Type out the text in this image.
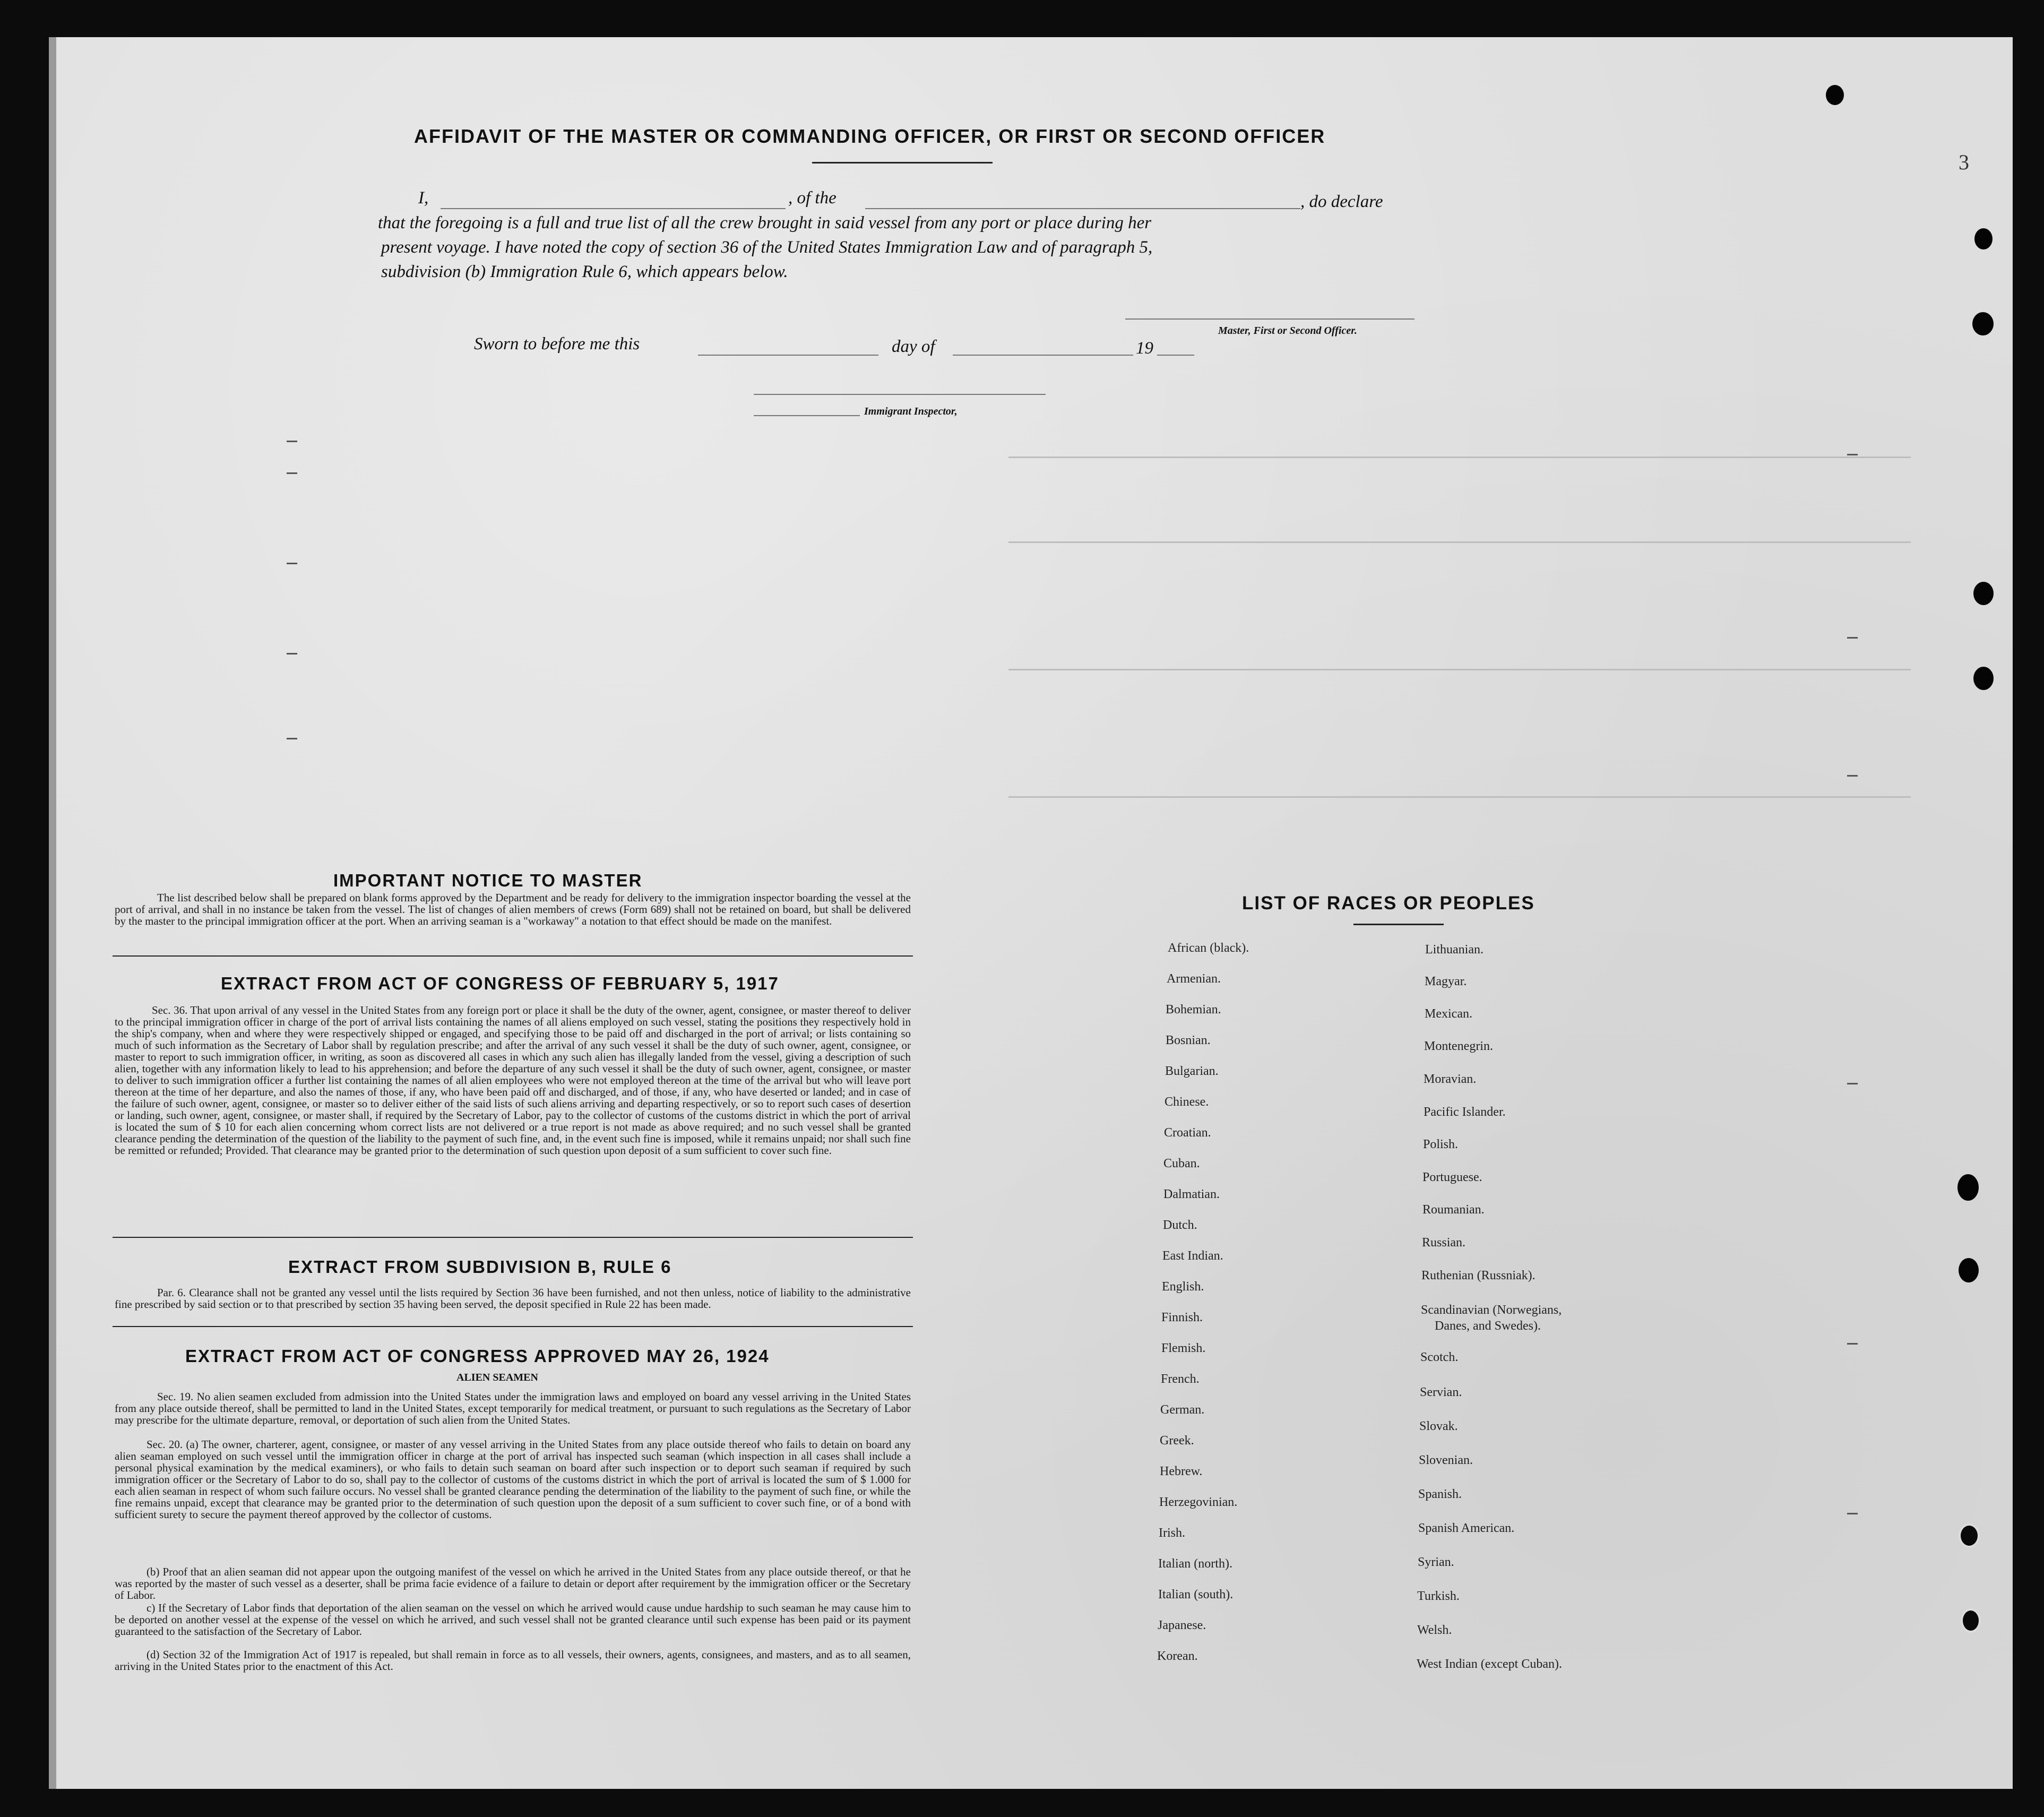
3
AFFIDAVIT OF THE MASTER OR COMMANDING OFFICER, OR FIRST OR SECOND OFFICER
I,	, of the	, do declare
that the foregoing is a full and true list of all the crew brought in said vessel from any port or place during her
present voyage. I have noted the copy of section 36 of the United States Immigration Law and of paragraph 5,
subdivision (b) Immigration Rule 6, which appears below.
Master, First or Second Officer.
Sworn to before me this	day of	19
Immigrant Inspector,
IMPORTANT NOTICE TO MASTER
The list described below shall be prepared on blank forms approved by the Department and be ready for delivery to the immigration inspector boarding the vessel at the port of arrival, and shall in no instance be taken from the vessel. The list of changes of alien members of crews (Form 689) shall not be retained on board, but shall be delivered by the master to the principal immigration officer at the port. When an arriving seaman is a "workaway" a notation to that effect should be made on the manifest.
EXTRACT FROM ACT OF CONGRESS OF FEBRUARY 5, 1917
Sec. 36. That upon arrival of any vessel in the United States from any foreign port or place it shall be the duty of the owner, agent, consignee, or master thereof to deliver to the principal immigration officer in charge of the port of arrival lists containing the names of all aliens employed on such vessel, stating the positions they respectively hold in the ship's company, when and where they were respectively shipped or engaged, and specifying those to be paid off and discharged in the port of arrival; or lists containing so much of such information as the Secretary of Labor shall by regulation prescribe; and after the arrival of any such vessel it shall be the duty of such owner, agent, consignee, or master to report to such immigration officer, in writing, as soon as discovered all cases in which any such alien has illegally landed from the vessel, giving a description of such alien, together with any information likely to lead to his apprehension; and before the departure of any such vessel it shall be the duty of such owner, agent, consignee, or master to deliver to such immigration officer a further list containing the names of all alien employees who were not employed thereon at the time of the arrival but who will leave port thereon at the time of her departure, and also the names of those, if any, who have been paid off and discharged, and of those, if any, who have deserted or landed; and in case of the failure of such owner, agent, consignee, or master so to deliver either of the said lists of such aliens arriving and departing respectively, or so to report such cases of desertion or landing, such owner, agent, consignee, or master shall, if required by the Secretary of Labor, pay to the collector of customs of the customs district in which the port of arrival is located the sum of $ 10 for each alien concerning whom correct lists are not delivered or a true report is not made as above required; and no such vessel shall be granted clearance pending the determination of the question of the liability to the payment of such fine, and, in the event such fine is imposed, while it remains unpaid; nor shall such fine be remitted or refunded; Provided. That clearance may be granted prior to the determination of such question upon deposit of a sum sufficient to cover such fine.
EXTRACT FROM SUBDIVISION B, RULE 6
Par. 6. Clearance shall not be granted any vessel until the lists required by Section 36 have been furnished, and not then unless, notice of liability to the administrative fine prescribed by said section or to that prescribed by section 35 having been served, the deposit specified in Rule 22 has been made.
EXTRACT FROM ACT OF CONGRESS APPROVED MAY 26, 1924
ALIEN SEAMEN
Sec. 19. No alien seamen excluded from admission into the United States under the immigration laws and employed on board any vessel arriving in the United States from any place outside thereof, shall be permitted to land in the United States, except temporarily for medical treatment, or pursuant to such regulations as the Secretary of Labor may prescribe for the ultimate departure, removal, or deportation of such alien from the United States.
Sec. 20. (a) The owner, charterer, agent, consignee, or master of any vessel arriving in the United States from any place outside thereof who fails to detain on board any alien seaman employed on such vessel until the immigration officer in charge at the port of arrival has inspected such seaman (which inspection in all cases shall include a personal physical examination by the medical examiners), or who fails to detain such seaman on board after such inspection or to deport such seaman if required by such immigration officer or the Secretary of Labor to do so, shall pay to the collector of customs of the customs district in which the port of arrival is located the sum of $ 1.000 for each alien seaman in respect of whom such failure occurs. No vessel shall be granted clearance pending the determination of the liability to the payment of such fine, or while the fine remains unpaid, except that clearance may be granted prior to the determination of such question upon the deposit of a sum sufficient to cover such fine, or of a bond with sufficient surety to secure the payment thereof approved by the collector of customs.
(b) Proof that an alien seaman did not appear upon the outgoing manifest of the vessel on which he arrived in the United States from any place outside thereof, or that he was reported by the master of such vessel as a deserter, shall be prima facie evidence of a failure to detain or deport after requirement by the immigration officer or the Secretary of Labor.
c) If the Secretary of Labor finds that deportation of the alien seaman on the vessel on which he arrived would cause undue hardship to such seaman he may cause him to be deported on another vessel at the expense of the vessel on which he arrived, and such vessel shall not be granted clearance until such expense has been paid or its payment guaranteed to the satisfaction of the Secretary of Labor.
(d) Section 32 of the Immigration Act of 1917 is repealed, but shall remain in force as to all vessels, their owners, agents, consignees, and masters, and as to all seamen, arriving in the United States prior to the enactment of this Act.
LIST OF RACES OR PEOPLES
African (black).
Armenian.
Bohemian.
Bosnian.
Bulgarian.
Chinese.
Croatian.
Cuban.
Dalmatian.
Dutch.
East Indian.
English.
Finnish.
Flemish.
French.
German.
Greek.
Hebrew.
Herzegovinian.
Irish.
Italian (north).
Italian (south).
Japanese.
Korean.
Lithuanian.
Magyar.
Mexican.
Montenegrin.
Moravian.
Pacific Islander.
Polish.
Portuguese.
Roumanian.
Russian.
Ruthenian (Russniak).
Scandinavian (Norwegians,
Danes, and Swedes).
Scotch.
Servian.
Slovak.
Slovenian.
Spanish.
Spanish American.
Syrian.
Turkish.
Welsh.
West Indian (except Cuban).
